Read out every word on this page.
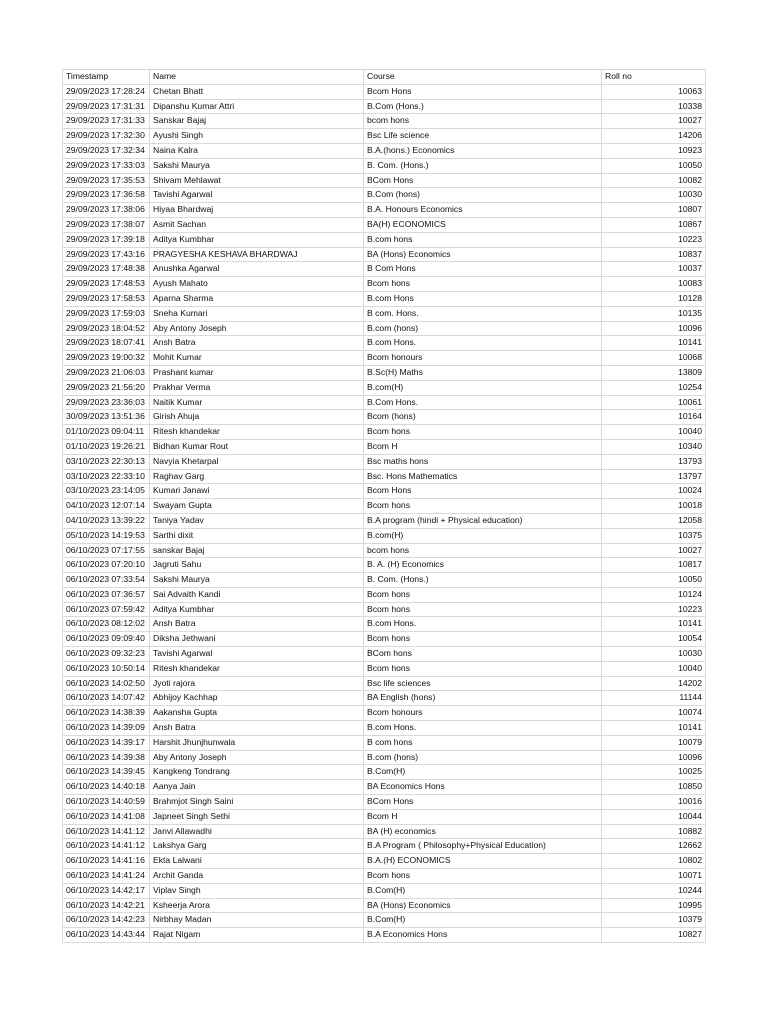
Timestamp	Name	Course	Roll no
29/09/2023 17:28:24	Chetan Bhatt	Bcom Hons	10063
29/09/2023 17:31:31	Dipanshu Kumar Attri	B.Com (Hons.)	10338
29/09/2023 17:31:33	Sanskar Bajaj	bcom hons	10027
29/09/2023 17:32:30	Ayushi Singh	Bsc Life science	14206
29/09/2023 17:32:34	Naina Kalra	B.A.(hons.) Economics	10923
29/09/2023 17:33:03	Sakshi Maurya	B. Com. (Hons.)	10050
29/09/2023 17:35:53	Shivam Mehlawat	BCom Hons	10082
29/09/2023 17:36:58	Tavishi Agarwal	B.Com (hons)	10030
29/09/2023 17:38:06	Hiyaa Bhardwaj	B.A. Honours Economics	10807
29/09/2023 17:38:07	Asmit Sachan	BA(H) ECONOMICS	10867
29/09/2023 17:39:18	Aditya Kumbhar	B.com hons	10223
29/09/2023 17:43:16	PRAGYESHA KESHAVA BHARDWAJ	BA (Hons) Economics	10837
29/09/2023 17:48:38	Anushka Agarwal	B Com Hons	10037
29/09/2023 17:48:53	Ayush Mahato	Bcom hons	10083
29/09/2023 17:58:53	Aparna Sharma	B.com Hons	10128
29/09/2023 17:59:03	Sneha Kumari	B com. Hons.	10135
29/09/2023 18:04:52	Aby Antony Joseph	B.com (hons)	10096
29/09/2023 18:07:41	Ansh Batra	B.com Hons.	10141
29/09/2023 19:00:32	Mohit Kumar	Bcom honours	10068
29/09/2023 21:06:03	Prashant kumar	B.Sc(H) Maths	13809
29/09/2023 21:56:20	Prakhar Verma	B.com(H)	10254
29/09/2023 23:36:03	Naitik Kumar	B.Com Hons.	10061
30/09/2023 13:51:36	Girish Ahuja	Bcom (hons)	10164
01/10/2023 09:04:11	Ritesh khandekar	Bcom hons	10040
01/10/2023 19:26:21	Bidhan Kumar Rout	Bcom H	10340
03/10/2023 22:30:13	Navyia Khetarpal	Bsc maths hons	13793
03/10/2023 22:33:10	Raghav Garg	Bsc. Hons Mathematics	13797
03/10/2023 23:14:05	Kumari Janawi	Bcom Hons	10024
04/10/2023 12:07:14	Swayam Gupta	Bcom hons	10018
04/10/2023 13:39:22	Taniya Yadav	B.A program (hindi + Physical education)	12058
05/10/2023 14:19:53	Sarthi dixit	B.com(H)	10375
06/10/2023 07:17:55	sanskar Bajaj	bcom hons	10027
06/10/2023 07:20:10	Jagruti Sahu	B. A. (H) Economics	10817
06/10/2023 07:33:54	Sakshi Maurya	B. Com. (Hons.)	10050
06/10/2023 07:36:57	Sai Advaith Kandi	Bcom hons	10124
06/10/2023 07:59:42	Aditya Kumbhar	Bcom hons	10223
06/10/2023 08:12:02	Ansh Batra	B.com Hons.	10141
06/10/2023 09:09:40	Diksha Jethwani	Bcom hons	10054
06/10/2023 09:32:23	Tavishi Agarwal	BCom hons	10030
06/10/2023 10:50:14	Ritesh khandekar	Bcom hons	10040
06/10/2023 14:02:50	Jyoti rajora	Bsc life sciences	14202
06/10/2023 14:07:42	Abhijoy Kachhap	BA English (hons)	11144
06/10/2023 14:38:39	Aakansha Gupta	Bcom honours	10074
06/10/2023 14:39:09	Ansh Batra	B.com Hons.	10141
06/10/2023 14:39:17	Harshit Jhunjhunwala	B com hons	10079
06/10/2023 14:39:38	Aby Antony Joseph	B.com (hons)	10096
06/10/2023 14:39:45	Kangkeng Tondrang	B.Com(H)	10025
06/10/2023 14:40:18	Aanya Jain	BA Economics Hons	10850
06/10/2023 14:40:59	Brahmjot Singh Saini	BCom Hons	10016
06/10/2023 14:41:08	Japneet Singh Sethi	Bcom H	10044
06/10/2023 14:41:12	Janvi Allawadhi	BA (H) economics	10882
06/10/2023 14:41:12	Lakshya Garg	B.A Program ( Philosophy+Physical Education)	12662
06/10/2023 14:41:16	Ekta Lalwani	B.A.(H) ECONOMICS	10802
06/10/2023 14:41:24	Archit Ganda	Bcom hons	10071
06/10/2023 14:42:17	Viplav Singh	B.Com(H)	10244
06/10/2023 14:42:21	Ksheerja Arora	BA (Hons) Economics	10995
06/10/2023 14:42:23	Nirbhay Madan	B.Com(H)	10379
06/10/2023 14:43:44	Rajat Nigam	B.A Economics Hons	10827
